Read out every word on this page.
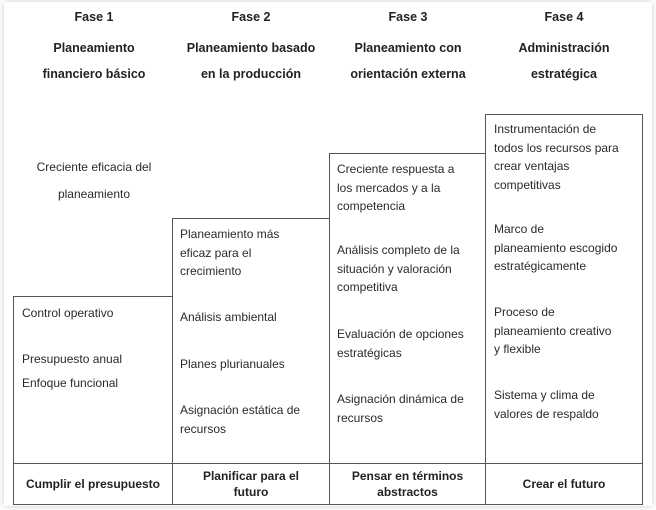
Fase 1
Planeamiento
financiero básico
Fase 2
Planeamiento basado
en la producción
Fase 3
Planeamiento con
orientación externa
Fase 4
Administración
estratégica
Creciente eficacia del
planeamiento
Control operativo
Presupuesto anual
Enfoque funcional
Planeamiento más
eficaz para el
crecimiento
Análisis ambiental
Planes plurianuales
Asignación estática de
recursos
Creciente respuesta a
los mercados y a la
competencia
Análisis completo de la
situación y valoración
competitiva
Evaluación de opciones
estratégicas
Asignación dinámica de
recursos
Instrumentación de
todos los recursos para
crear ventajas
competitivas
Marco de
planeamiento escogido
estratégicamente
Proceso de
planeamiento creativo
y flexible
Sistema y clima de
valores de respaldo
Cumplir el presupuesto
Planificar para el
futuro
Pensar en términos
abstractos
Crear el futuro
